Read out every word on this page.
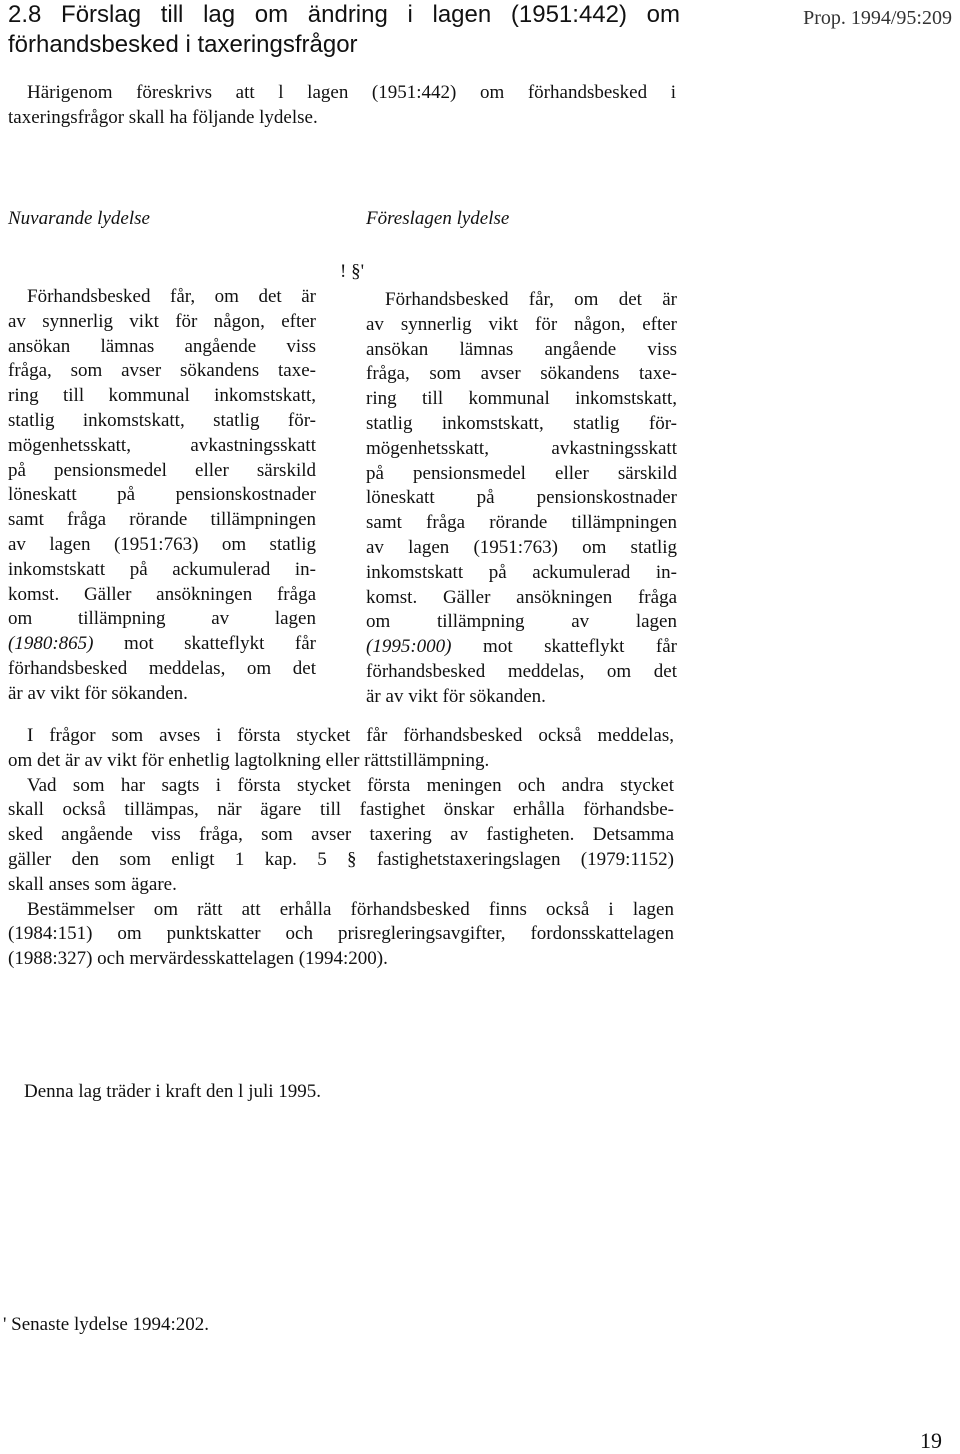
2.8 Förslag till lag om ändring i lagen (1951:442) om
förhandsbesked i taxeringsfrågor
Prop. 1994/95:209
Härigenom föreskrivs att l lagen (1951:442) om förhandsbesked i
taxeringsfrågor skall ha följande lydelse.
Nuvarande lydelse	Föreslagen lydelse
! §'
Förhandsbesked får, om det är
av synnerlig vikt för någon, efter
ansökan lämnas angående viss
fråga, som avser sökandens taxe-
ring till kommunal inkomstskatt,
statlig inkomstskatt, statlig för-
mögenhetsskatt, avkastningsskatt
på pensionsmedel eller särskild
löneskatt på pensionskostnader
samt fråga rörande tillämpningen
av lagen (1951:763) om statlig
inkomstskatt på ackumulerad in-
komst. Gäller ansökningen fråga
om tillämpning av lagen
(1980:865) mot skatteflykt får
förhandsbesked meddelas, om det
är av vikt för sökanden.
Förhandsbesked får, om det är
av synnerlig vikt för någon, efter
ansökan lämnas angående viss
fråga, som avser sökandens taxe-
ring till kommunal inkomstskatt,
statlig inkomstskatt, statlig för-
mögenhetsskatt, avkastningsskatt
på pensionsmedel eller särskild
löneskatt på pensionskostnader
samt fråga rörande tillämpningen
av lagen (1951:763) om statlig
inkomstskatt på ackumulerad in-
komst. Gäller ansökningen fråga
om tillämpning av lagen
(1995:000) mot skatteflykt får
förhandsbesked meddelas, om det
är av vikt för sökanden.
I frågor som avses i första stycket får förhandsbesked också meddelas,
om det är av vikt för enhetlig lagtolkning eller rättstillämpning.
Vad som har sagts i första stycket första meningen och andra stycket
skall också tillämpas, när ägare till fastighet önskar erhålla förhandsbe-
sked angående viss fråga, som avser taxering av fastigheten. Detsamma
gäller den som enligt 1 kap. 5 § fastighetstaxeringslagen (1979:1152)
skall anses som ägare.
Bestämmelser om rätt att erhålla förhandsbesked finns också i lagen
(1984:151) om punktskatter och prisregleringsavgifter, fordonsskattelagen
(1988:327) och mervärdesskattelagen (1994:200).
Denna lag träder i kraft den l juli 1995.
' Senaste lydelse 1994:202.
19
